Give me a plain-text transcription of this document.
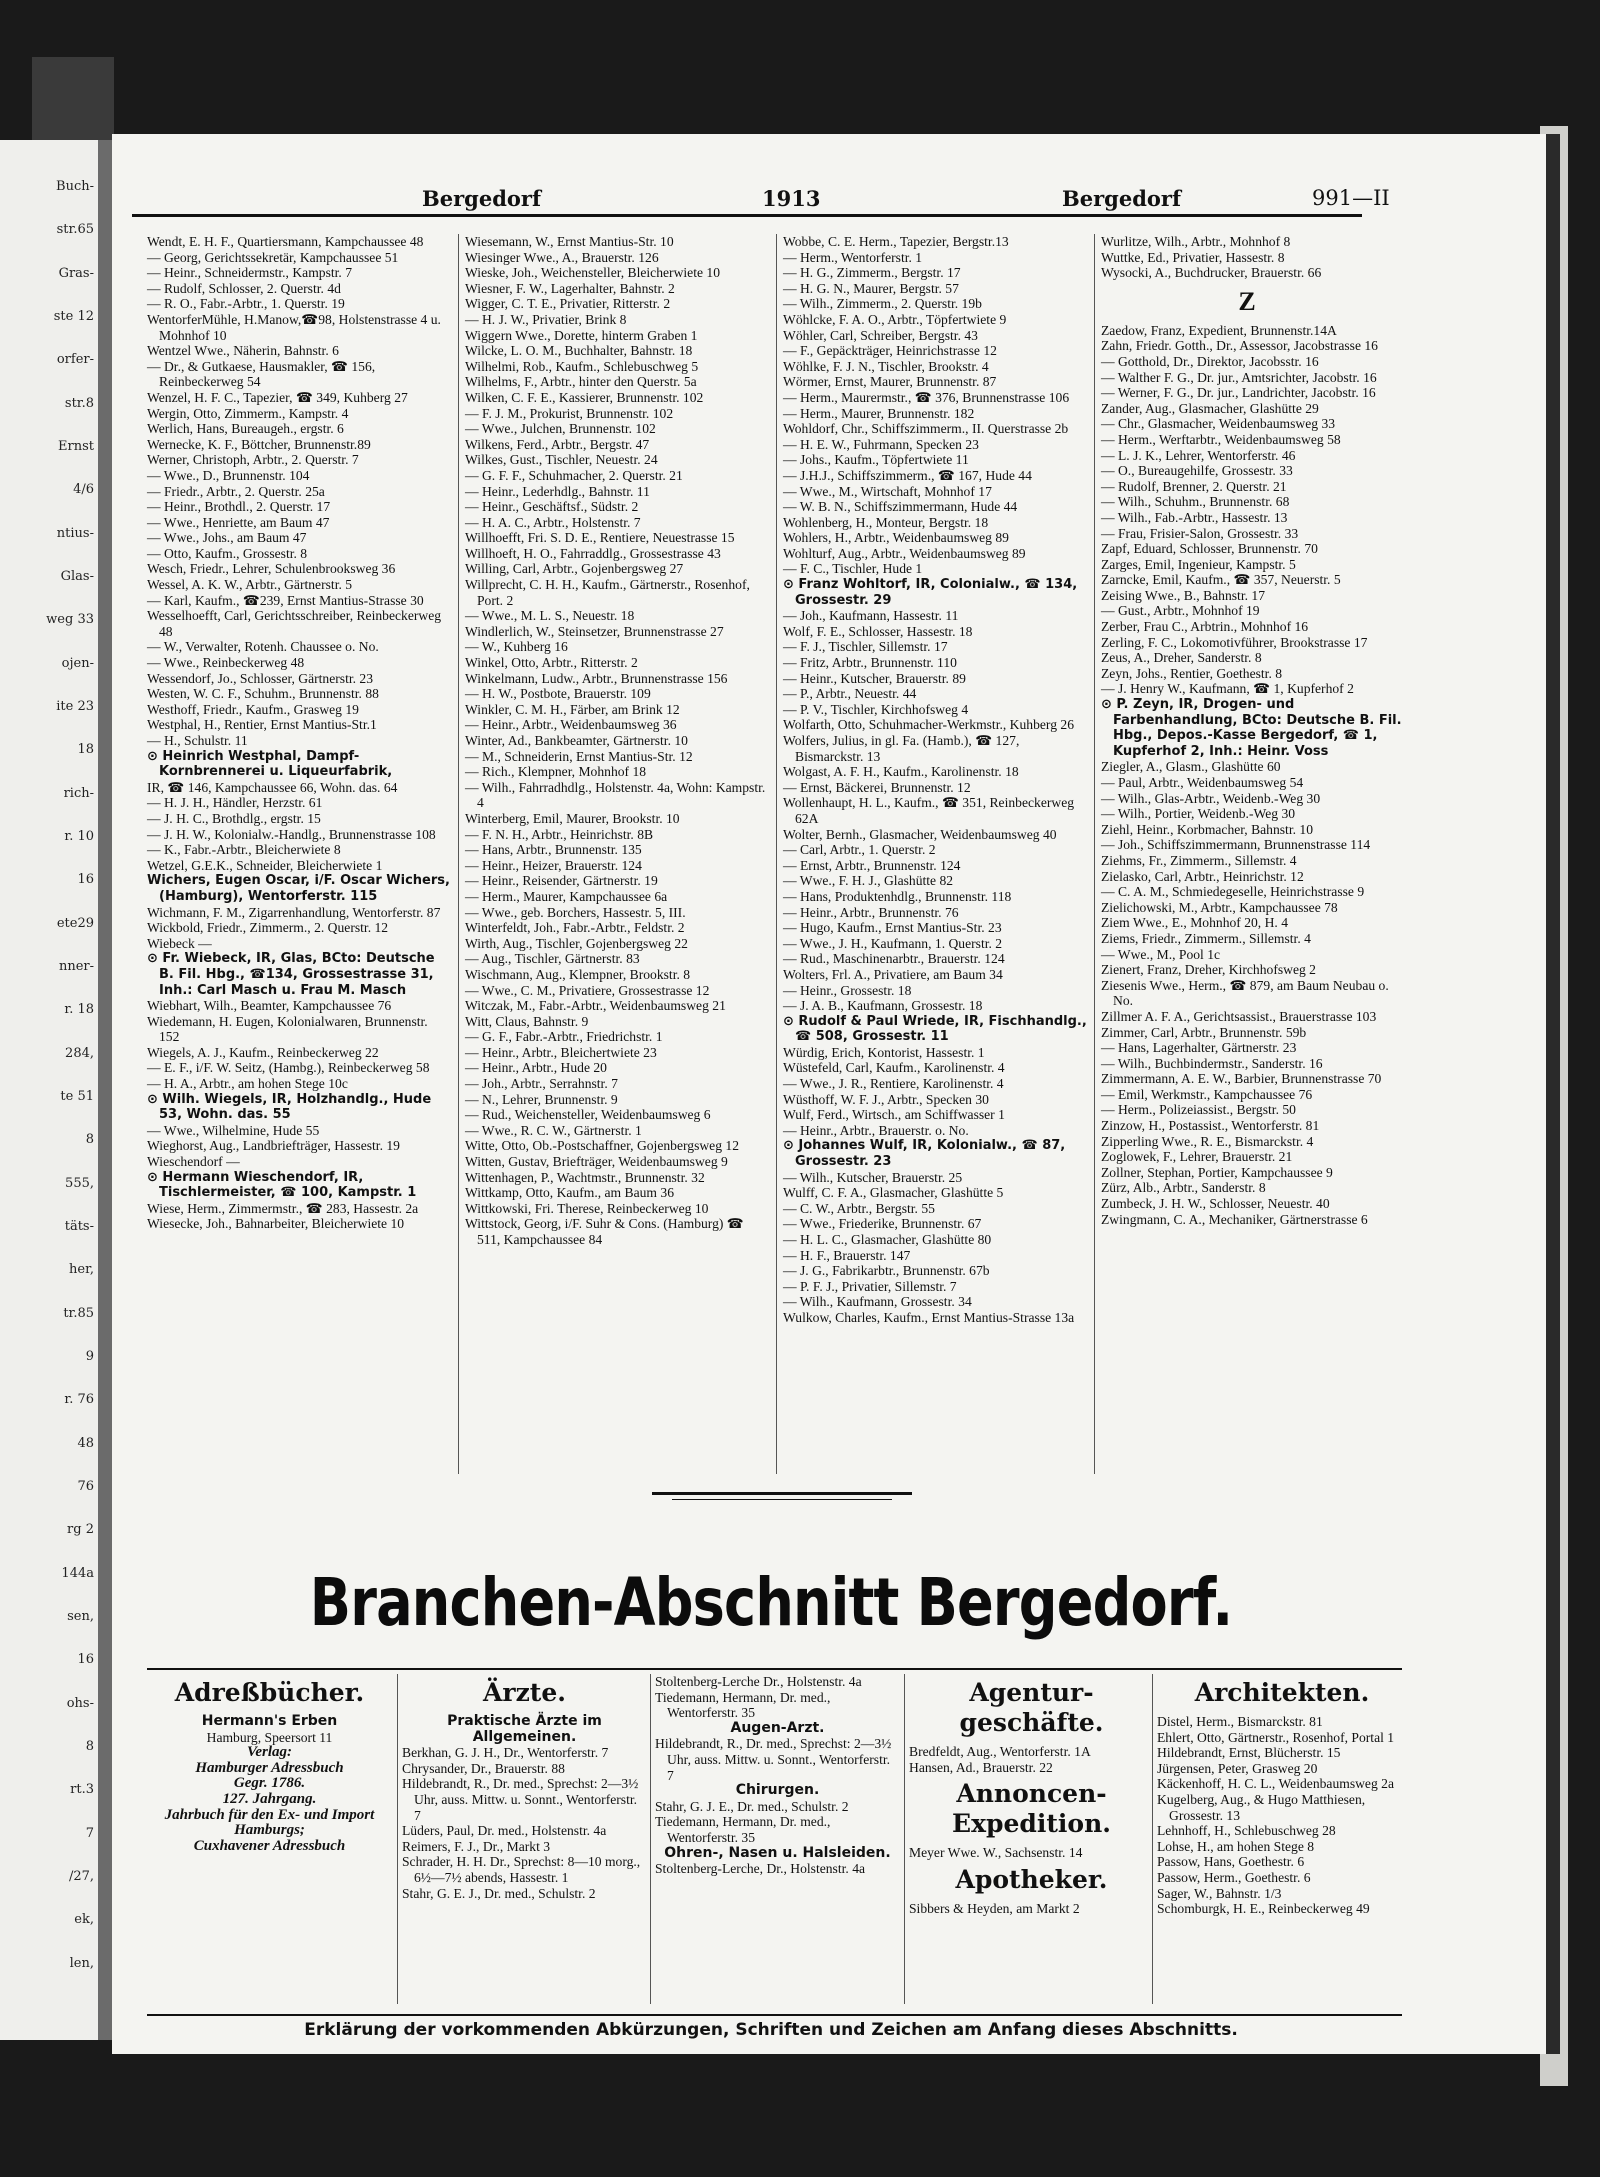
Buch-
str.65
Gras-
ste 12
orfer-
str.8
Ernst
4/6
ntius-
Glas-
weg 33
ojen-
ite 23
18
rich-
r. 10
16
ete29
nner-
r. 18
284,
te 51
8
555,
täts-
her,
tr.85
9
r. 76
48
76
rg 2
144a
sen,
16
ohs-
8
rt.3
7
/27,
ek,
len,
Bergedorf	1913	Bergedorf	991—II

Wendt, E. H. F., Quartiersmann, Kampchaussee 48

— Georg, Gerichtssekretär, Kampchaussee 51

— Heinr., Schneidermstr., Kampstr. 7

— Rudolf, Schlosser, 2. Querstr. 4d

— R. O., Fabr.-Arbtr., 1. Querstr. 19

WentorferMühle, H.Manow,☎98, Holstenstrasse 4 u. Mohnhof 10

Wentzel Wwe., Näherin, Bahnstr. 6

— Dr., & Gutkaese, Hausmakler, ☎ 156, Reinbeckerweg 54

Wenzel, H. F. C., Tapezier, ☎ 349, Kuhberg 27

Wergin, Otto, Zimmerm., Kampstr. 4

Werlich, Hans, Bureaugeh., ergstr. 6

Wernecke, K. F., Böttcher, Brunnenstr.89

Werner, Christoph, Arbtr., 2. Querstr. 7

— Wwe., D., Brunnenstr. 104

— Friedr., Arbtr., 2. Querstr. 25a

— Heinr., Brothdl., 2. Querstr. 17

— Wwe., Henriette, am Baum 47

— Wwe., Johs., am Baum 47

— Otto, Kaufm., Grossestr. 8

Wesch, Friedr., Lehrer, Schulenbrooksweg 36

Wessel, A. K. W., Arbtr., Gärtnerstr. 5

— Karl, Kaufm., ☎239, Ernst Mantius-Strasse 30

Wesselhoefft, Carl, Gerichtsschreiber, Reinbeckerweg 48

— W., Verwalter, Rotenh. Chaussee o. No.

— Wwe., Reinbeckerweg 48

Wessendorf, Jo., Schlosser, Gärtnerstr. 23

Westen, W. C. F., Schuhm., Brunnenstr. 88

Westhoff, Friedr., Kaufm., Grasweg 19

Westphal, H., Rentier, Ernst Mantius-Str.1

— H., Schulstr. 11

⊙ Heinrich Westphal, Dampf-Kornbrennerei u. Liqueurfabrik,

IR, ☎ 146, Kampchaussee 66, Wohn. das. 64

— H. J. H., Händler, Herzstr. 61

— J. H. C., Brothdlg., ergstr. 15

— J. H. W., Kolonialw.-Handlg., Brunnenstrasse 108

— K., Fabr.-Arbtr., Bleicherwiete 8

Wetzel, G.E.K., Schneider, Bleicherwiete 1

Wichers, Eugen Oscar, i/F. Oscar Wichers, (Hamburg), Wentorferstr. 115

Wichmann, F. M., Zigarrenhandlung, Wentorferstr. 87

Wickbold, Friedr., Zimmerm., 2. Querstr. 12

Wiebeck —

⊙ Fr. Wiebeck, IR, Glas, BCto: Deutsche B. Fil. Hbg., ☎134, Grossestrasse 31, Inh.: Carl Masch u. Frau M. Masch

Wiebhart, Wilh., Beamter, Kampchaussee 76

Wiedemann, H. Eugen, Kolonialwaren, Brunnenstr. 152

Wiegels, A. J., Kaufm., Reinbeckerweg 22

— E. F., i/F. W. Seitz, (Hambg.), Reinbeckerweg 58

— H. A., Arbtr., am hohen Stege 10c

⊙ Wilh. Wiegels, IR, Holzhandlg., Hude 53, Wohn. das. 55

— Wwe., Wilhelmine, Hude 55

Wieghorst, Aug., Landbriefträger, Hassestr. 19

Wieschendorf —

⊙ Hermann Wieschendorf, IR, Tischlermeister, ☎ 100, Kampstr. 1

Wiese, Herm., Zimmermstr., ☎ 283, Hassestr. 2a

Wiesecke, Joh., Bahnarbeiter, Bleicherwiete 10

Wiesemann, W., Ernst Mantius-Str. 10

Wiesinger Wwe., A., Brauerstr. 126

Wieske, Joh., Weichensteller, Bleicherwiete 10

Wiesner, F. W., Lagerhalter, Bahnstr. 2

Wigger, C. T. E., Privatier, Ritterstr. 2

— H. J. W., Privatier, Brink 8

Wiggern Wwe., Dorette, hinterm Graben 1

Wilcke, L. O. M., Buchhalter, Bahnstr. 18

Wilhelmi, Rob., Kaufm., Schlebuschweg 5

Wilhelms, F., Arbtr., hinter den Querstr. 5a

Wilken, C. F. E., Kassierer, Brunnenstr. 102

— F. J. M., Prokurist, Brunnenstr. 102

— Wwe., Julchen, Brunnenstr. 102

Wilkens, Ferd., Arbtr., Bergstr. 47

Wilkes, Gust., Tischler, Neuestr. 24

— G. F. F., Schuhmacher, 2. Querstr. 21

— Heinr., Lederhdlg., Bahnstr. 11

— Heinr., Geschäftsf., Südstr. 2

— H. A. C., Arbtr., Holstenstr. 7

Willhoefft, Fri. S. D. E., Rentiere, Neuestrasse 15

Willhoeft, H. O., Fahrraddlg., Grossestrasse 43

Willing, Carl, Arbtr., Gojenbergsweg 27

Willprecht, C. H. H., Kaufm., Gärtnerstr., Rosenhof, Port. 2

— Wwe., M. L. S., Neuestr. 18

Windlerlich, W., Steinsetzer, Brunnenstrasse 27

— W., Kuhberg 16

Winkel, Otto, Arbtr., Ritterstr. 2

Winkelmann, Ludw., Arbtr., Brunnenstrasse 156

— H. W., Postbote, Brauerstr. 109

Winkler, C. M. H., Färber, am Brink 12

— Heinr., Arbtr., Weidenbaumsweg 36

Winter, Ad., Bankbeamter, Gärtnerstr. 10

— M., Schneiderin, Ernst Mantius-Str. 12

— Rich., Klempner, Mohnhof 18

— Wilh., Fahrradhdlg., Holstenstr. 4a, Wohn: Kampstr. 4

Winterberg, Emil, Maurer, Brookstr. 10

— F. N. H., Arbtr., Heinrichstr. 8B

— Hans, Arbtr., Brunnenstr. 135

— Heinr., Heizer, Brauerstr. 124

— Heinr., Reisender, Gärtnerstr. 19

— Herm., Maurer, Kampchaussee 6a

— Wwe., geb. Borchers, Hassestr. 5, III.

Winterfeldt, Joh., Fabr.-Arbtr., Feldstr. 2

Wirth, Aug., Tischler, Gojenbergsweg 22

— Aug., Tischler, Gärtnerstr. 83

Wischmann, Aug., Klempner, Brookstr. 8

— Wwe., C. M., Privatiere, Grossestrasse 12

Witczak, M., Fabr.-Arbtr., Weidenbaumsweg 21

Witt, Claus, Bahnstr. 9

— G. F., Fabr.-Arbtr., Friedrichstr. 1

— Heinr., Arbtr., Bleichertwiete 23

— Heinr., Arbtr., Hude 20

— Joh., Arbtr., Serrahnstr. 7

— N., Lehrer, Brunnenstr. 9

— Rud., Weichensteller, Weidenbaumsweg 6

— Wwe., R. C. W., Gärtnerstr. 1

Witte, Otto, Ob.-Postschaffner, Gojenbergsweg 12

Witten, Gustav, Briefträger, Weidenbaumsweg 9

Wittenhagen, P., Wachtmstr., Brunnenstr. 32

Wittkamp, Otto, Kaufm., am Baum 36

Wittkowski, Fri. Therese, Reinbeckerweg 10

Wittstock, Georg, i/F. Suhr & Cons. (Hamburg) ☎ 511, Kampchaussee 84

Wobbe, C. E. Herm., Tapezier, Bergstr.13

— Herm., Wentorferstr. 1

— H. G., Zimmerm., Bergstr. 17

— H. G. N., Maurer, Bergstr. 57

— Wilh., Zimmerm., 2. Querstr. 19b

Wöhlcke, F. A. O., Arbtr., Töpfertwiete 9

Wöhler, Carl, Schreiber, Bergstr. 43

— F., Gepäckträger, Heinrichstrasse 12

Wöhlke, F. J. N., Tischler, Brookstr. 4

Wörmer, Ernst, Maurer, Brunnenstr. 87

— Herm., Maurermstr., ☎ 376, Brunnenstrasse 106

— Herm., Maurer, Brunnenstr. 182

Wohldorf, Chr., Schiffszimmerm., II. Querstrasse 2b

— H. E. W., Fuhrmann, Specken 23

— Johs., Kaufm., Töpfertwiete 11

— J.H.J., Schiffszimmerm., ☎ 167, Hude 44

— Wwe., M., Wirtschaft, Mohnhof 17

— W. B. N., Schiffszimmermann, Hude 44

Wohlenberg, H., Monteur, Bergstr. 18

Wohlers, H., Arbtr., Weidenbaumsweg 89

Wohlturf, Aug., Arbtr., Weidenbaumsweg 89

— F. C., Tischler, Hude 1

⊙ Franz Wohltorf, IR, Colonialw., ☎ 134, Grossestr. 29

— Joh., Kaufmann, Hassestr. 11

Wolf, F. E., Schlosser, Hassestr. 18

— F. J., Tischler, Sillemstr. 17

— Fritz, Arbtr., Brunnenstr. 110

— Heinr., Kutscher, Brauerstr. 89

— P., Arbtr., Neuestr. 44

— P. V., Tischler, Kirchhofsweg 4

Wolfarth, Otto, Schuhmacher-Werkmstr., Kuhberg 26

Wolfers, Julius, in gl. Fa. (Hamb.), ☎ 127, Bismarckstr. 13

Wolgast, A. F. H., Kaufm., Karolinenstr. 18

— Ernst, Bäckerei, Brunnenstr. 12

Wollenhaupt, H. L., Kaufm., ☎ 351, Reinbeckerweg 62A

Wolter, Bernh., Glasmacher, Weidenbaumsweg 40

— Carl, Arbtr., 1. Querstr. 2

— Ernst, Arbtr., Brunnenstr. 124

— Wwe., F. H. J., Glashütte 82

— Hans, Produktenhdlg., Brunnenstr. 118

— Heinr., Arbtr., Brunnenstr. 76

— Hugo, Kaufm., Ernst Mantius-Str. 23

— Wwe., J. H., Kaufmann, 1. Querstr. 2

— Rud., Maschinenarbtr., Brauerstr. 124

Wolters, Frl. A., Privatiere, am Baum 34

— Heinr., Grossestr. 18

— J. A. B., Kaufmann, Grossestr. 18

⊙ Rudolf & Paul Wriede, IR, Fischhandlg., ☎ 508, Grossestr. 11

Würdig, Erich, Kontorist, Hassestr. 1

Wüstefeld, Carl, Kaufm., Karolinenstr. 4

— Wwe., J. R., Rentiere, Karolinenstr. 4

Wüsthoff, W. F. J., Arbtr., Specken 30

Wulf, Ferd., Wirtsch., am Schiffwasser 1

— Heinr., Arbtr., Brauerstr. o. No.

⊙ Johannes Wulf, IR, Kolonialw., ☎ 87, Grossestr. 23

— Wilh., Kutscher, Brauerstr. 25

Wulff, C. F. A., Glasmacher, Glashütte 5

— C. W., Arbtr., Bergstr. 55

— Wwe., Friederike, Brunnenstr. 67

— H. L. C., Glasmacher, Glashütte 80

— H. F., Brauerstr. 147

— J. G., Fabrikarbtr., Brunnenstr. 67b

— P. F. J., Privatier, Sillemstr. 7

— Wilh., Kaufmann, Grossestr. 34

Wulkow, Charles, Kaufm., Ernst Mantius-Strasse 13a

Wurlitze, Wilh., Arbtr., Mohnhof 8

Wuttke, Ed., Privatier, Hassestr. 8

Wysocki, A., Buchdrucker, Brauerstr. 66

Z

Zaedow, Franz, Expedient, Brunnenstr.14A

Zahn, Friedr. Gotth., Dr., Assessor, Jacobstrasse 16

— Gotthold, Dr., Direktor, Jacobsstr. 16

— Walther F. G., Dr. jur., Amtsrichter, Jacobstr. 16

— Werner, F. G., Dr. jur., Landrichter, Jacobstr. 16

Zander, Aug., Glasmacher, Glashütte 29

— Chr., Glasmacher, Weidenbaumsweg 33

— Herm., Werftarbtr., Weidenbaumsweg 58

— L. J. K., Lehrer, Wentorferstr. 46

— O., Bureaugehilfe, Grossestr. 33

— Rudolf, Brenner, 2. Querstr. 21

— Wilh., Schuhm., Brunnenstr. 68

— Wilh., Fab.-Arbtr., Hassestr. 13

— Frau, Frisier-Salon, Grossestr. 33

Zapf, Eduard, Schlosser, Brunnenstr. 70

Zarges, Emil, Ingenieur, Kampstr. 5

Zarncke, Emil, Kaufm., ☎ 357, Neuerstr. 5

Zeising Wwe., B., Bahnstr. 17

— Gust., Arbtr., Mohnhof 19

Zerber, Frau C., Arbtrin., Mohnhof 16

Zerling, F. C., Lokomotivführer, Brookstrasse 17

Zeus, A., Dreher, Sanderstr. 8

Zeyn, Johs., Rentier, Goethestr. 8

— J. Henry W., Kaufmann, ☎ 1, Kupferhof 2

⊙ P. Zeyn, IR, Drogen- und Farbenhandlung, BCto: Deutsche B. Fil. Hbg., Depos.-Kasse Bergedorf, ☎ 1, Kupferhof 2, Inh.: Heinr. Voss

Ziegler, A., Glasm., Glashütte 60

— Paul, Arbtr., Weidenbaumsweg 54

— Wilh., Glas-Arbtr., Weidenb.-Weg 30

— Wilh., Portier, Weidenb.-Weg 30

Ziehl, Heinr., Korbmacher, Bahnstr. 10

— Joh., Schiffszimmermann, Brunnenstrasse 114

Ziehms, Fr., Zimmerm., Sillemstr. 4

Zielasko, Carl, Arbtr., Heinrichstr. 12

— C. A. M., Schmiedegeselle, Heinrichstrasse 9

Zielichowski, M., Arbtr., Kampchaussee 78

Ziem Wwe., E., Mohnhof 20, H. 4

Ziems, Friedr., Zimmerm., Sillemstr. 4

— Wwe., M., Pool 1c

Zienert, Franz, Dreher, Kirchhofsweg 2

Ziesenis Wwe., Herm., ☎ 879, am Baum Neubau o. No.

Zillmer A. F. A., Gerichtsassist., Brauerstrasse 103

Zimmer, Carl, Arbtr., Brunnenstr. 59b

— Hans, Lagerhalter, Gärtnerstr. 23

— Wilh., Buchbindermstr., Sanderstr. 16

Zimmermann, A. E. W., Barbier, Brunnenstrasse 70

— Emil, Werkmstr., Kampchaussee 76

— Herm., Polizeiassist., Bergstr. 50

Zinzow, H., Postassist., Wentorferstr. 81

Zipperling Wwe., R. E., Bismarckstr. 4

Zoglowek, F., Lehrer, Brauerstr. 21

Zollner, Stephan, Portier, Kampchaussee 9

Zürz, Alb., Arbtr., Sanderstr. 8

Zumbeck, J. H. W., Schlosser, Neuestr. 40

Zwingmann, C. A., Mechaniker, Gärtnerstrasse 6

Branchen-Abschnitt Bergedorf.
Adreßbücher.
Hermann's Erben
Hamburg, Speersort 11
Verlag:
Hamburger Adressbuch
Gegr. 1786.
127. Jahrgang.
Jahrbuch für den Ex- und Import Hamburgs;
Cuxhavener Adressbuch
Ärzte.
Praktische Ärzte im Allgemeinen.
Berkhan, G. J. H., Dr., Wentorferstr. 7
Chrysander, Dr., Brauerstr. 88
Hildebrandt, R., Dr. med., Sprechst: 2—3½ Uhr, auss. Mittw. u. Sonnt., Wentorferstr. 7
Lüders, Paul, Dr. med., Holstenstr. 4a
Reimers, F. J., Dr., Markt 3
Schrader, H. H. Dr., Sprechst: 8—10 morg., 6½—7½ abends, Hassestr. 1
Stahr, G. E. J., Dr. med., Schulstr. 2
Stoltenberg-Lerche Dr., Holstenstr. 4a
Tiedemann, Hermann, Dr. med., Wentorferstr. 35
Augen-Arzt.
Hildebrandt, R., Dr. med., Sprechst: 2—3½ Uhr, auss. Mittw. u. Sonnt., Wentorferstr. 7
Chirurgen.
Stahr, G. J. E., Dr. med., Schulstr. 2
Tiedemann, Hermann, Dr. med., Wentorferstr. 35
Ohren-, Nasen u. Halsleiden.
Stoltenberg-Lerche, Dr., Holstenstr. 4a
Agentur- geschäfte.
Bredfeldt, Aug., Wentorferstr. 1A
Hansen, Ad., Brauerstr. 22
Annoncen- Expedition.
Meyer Wwe. W., Sachsenstr. 14
Apotheker.
Sibbers & Heyden, am Markt 2
Architekten.
Distel, Herm., Bismarckstr. 81
Ehlert, Otto, Gärtnerstr., Rosenhof, Portal 1
Hildebrandt, Ernst, Blücherstr. 15
Jürgensen, Peter, Grasweg 20
Käckenhoff, H. C. L., Weidenbaumsweg 2a
Kugelberg, Aug., & Hugo Matthiesen, Grossestr. 13
Lehnhoff, H., Schlebuschweg 28
Lohse, H., am hohen Stege 8
Passow, Hans, Goethestr. 6
Passow, Herm., Goethestr. 6
Sager, W., Bahnstr. 1/3
Schomburgk, H. E., Reinbeckerweg 49
Erklärung der vorkommenden Abkürzungen, Schriften und Zeichen am Anfang dieses Abschnitts.
